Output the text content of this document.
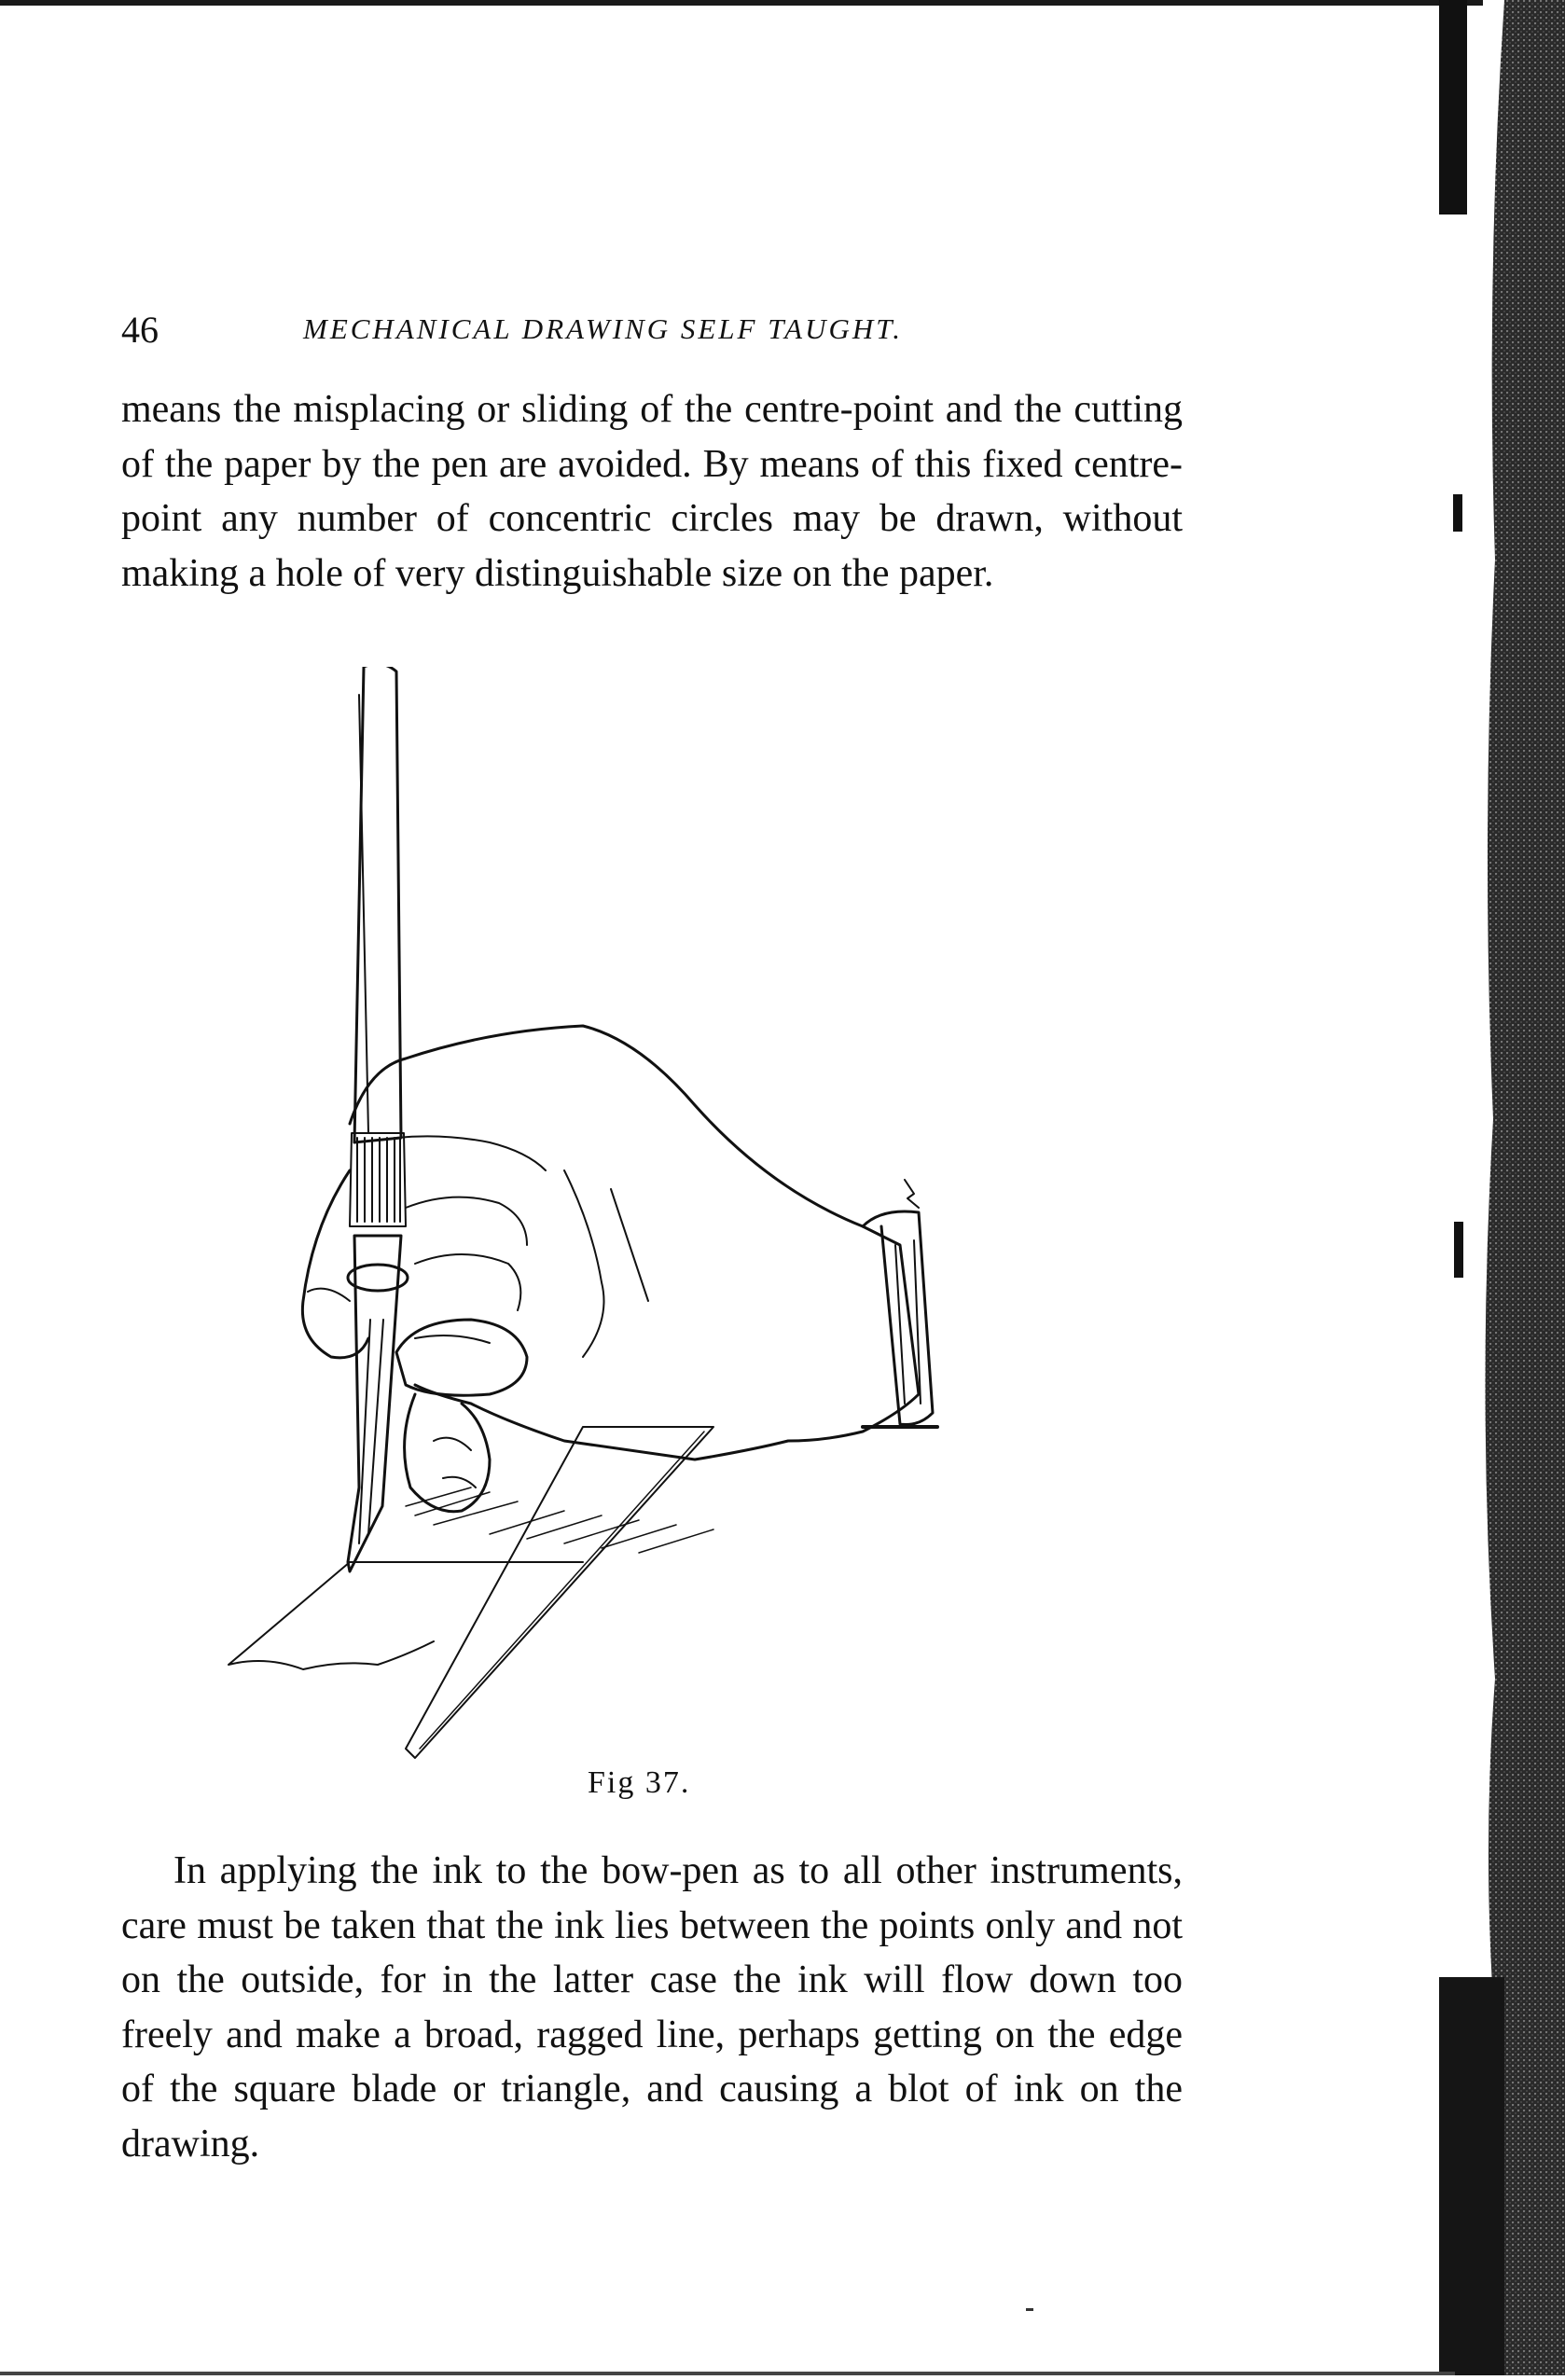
46	MECHANICAL DRAWING SELF TAUGHT.

means the misplacing or sliding of the centre-point and the cutting of the paper by the pen are avoided. By means of this fixed centre-point any number of concentric circles may be drawn, without making a hole of very distinguishable size on the paper.

Fig 37.

In applying the ink to the bow-pen as to all other instruments, care must be taken that the ink lies between the points only and not on the outside, for in the latter case the ink will flow down too freely and make a broad, ragged line, perhaps getting on the edge of the square blade or triangle, and causing a blot of ink on the drawing.
